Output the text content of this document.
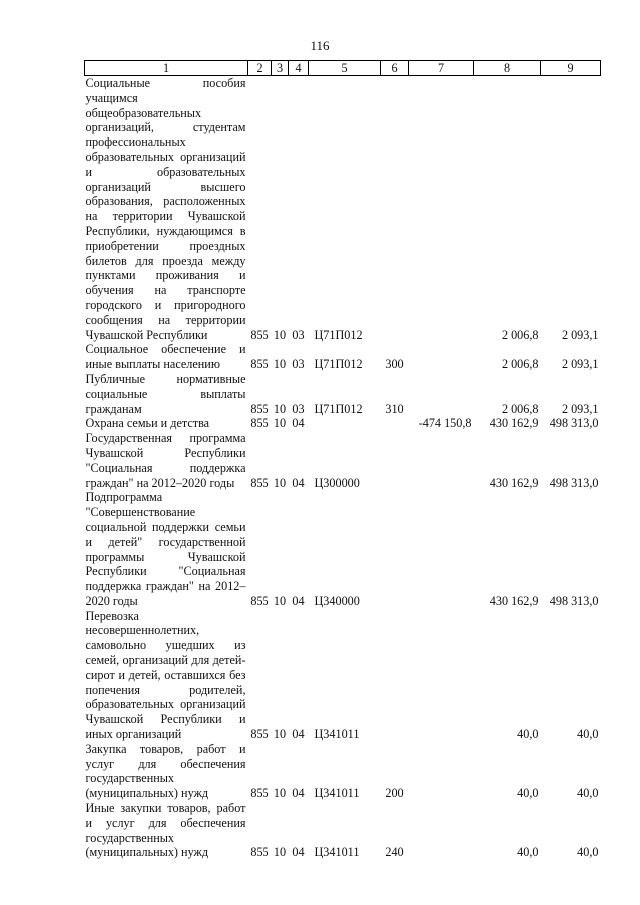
116
1	2	3	4	5	6	7	8	9
Социальные пособия учащимся общеобразовательных организаций, студентам профессиональных образовательных организаций и образовательных организаций высшего образования, расположенных на территории Чувашской Республики, нуждающимся в приобретении проездных билетов для проезда между пунктами проживания и обучения на транспорте городского и пригородного сообщения на территории Чувашской Республики	855	10	03	Ц71П012			2 006,8	2 093,1
Социальное обеспечение и иные выплаты населению	855	10	03	Ц71П012	300		2 006,8	2 093,1
Публичные нормативные социальные выплаты гражданам	855	10	03	Ц71П012	310		2 006,8	2 093,1
Охрана семьи и детства	855	10	04			-474 150,8	430 162,9	498 313,0
Государственная программа Чувашской Республики "Социальная поддержка граждан" на 2012–2020 годы	855	10	04	Ц300000			430 162,9	498 313,0
Подпрограмма "Совершенствование социальной поддержки семьи и детей" государственной программы Чувашской Республики "Социальная поддержка граждан" на 2012–2020 годы	855	10	04	Ц340000			430 162,9	498 313,0
Перевозка несовершеннолетних, самовольно ушедших из семей, организаций для детей-сирот и детей, оставшихся без попечения родителей, образовательных организаций Чувашской Республики и иных организаций	855	10	04	Ц341011			40,0	40,0
Закупка товаров, работ и услуг для обеспечения государственных (муниципальных) нужд	855	10	04	Ц341011	200		40,0	40,0
Иные закупки товаров, работ и услуг для обеспечения государственных (муниципальных) нужд	855	10	04	Ц341011	240		40,0	40,0
